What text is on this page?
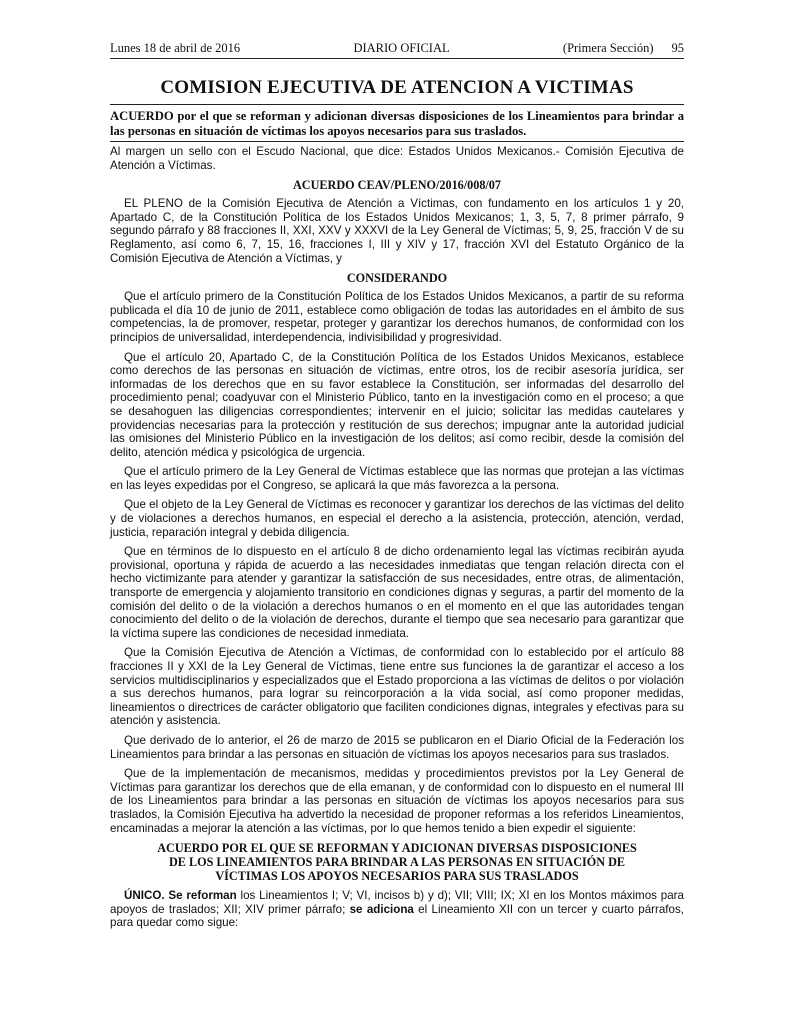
Lunes 18 de abril de 2016	DIARIO OFICIAL	(Primera Sección) 95
COMISION EJECUTIVA DE ATENCION A VICTIMAS
ACUERDO por el que se reforman y adicionan diversas disposiciones de los Lineamientos para brindar a las personas en situación de víctimas los apoyos necesarios para sus traslados.

Al margen un sello con el Escudo Nacional, que dice: Estados Unidos Mexicanos.- Comisión Ejecutiva de Atención a Víctimas.

ACUERDO CEAV/PLENO/2016/008/07

EL PLENO de la Comisión Ejecutiva de Atención a Víctimas, con fundamento en los artículos 1 y 20, Apartado C, de la Constitución Política de los Estados Unidos Mexicanos; 1, 3, 5, 7, 8 primer párrafo, 9 segundo párrafo y 88 fracciones II, XXI, XXV y XXXVI de la Ley General de Víctimas; 5, 9, 25, fracción V de su Reglamento, así como 6, 7, 15, 16, fracciones I, III y XIV y 17, fracción XVI del Estatuto Orgánico de la Comisión Ejecutiva de Atención a Víctimas, y

CONSIDERANDO

Que el artículo primero de la Constitución Política de los Estados Unidos Mexicanos, a partir de su reforma publicada el día 10 de junio de 2011, establece como obligación de todas las autoridades en el ámbito de sus competencias, la de promover, respetar, proteger y garantizar los derechos humanos, de conformidad con los principios de universalidad, interdependencia, indivisibilidad y progresividad.

Que el artículo 20, Apartado C, de la Constitución Política de los Estados Unidos Mexicanos, establece como derechos de las personas en situación de víctimas, entre otros, los de recibir asesoría jurídica, ser informadas de los derechos que en su favor establece la Constitución, ser informadas del desarrollo del procedimiento penal; coadyuvar con el Ministerio Público, tanto en la investigación como en el proceso; a que se desahoguen las diligencias correspondientes; intervenir en el juicio; solicitar las medidas cautelares y providencias necesarias para la protección y restitución de sus derechos; impugnar ante la autoridad judicial las omisiones del Ministerio Público en la investigación de los delitos; así como recibir, desde la comisión del delito, atención médica y psicológica de urgencia.

Que el artículo primero de la Ley General de Víctimas establece que las normas que protejan a las víctimas en las leyes expedidas por el Congreso, se aplicará la que más favorezca a la persona.

Que el objeto de la Ley General de Víctimas es reconocer y garantizar los derechos de las víctimas del delito y de violaciones a derechos humanos, en especial el derecho a la asistencia, protección, atención, verdad, justicia, reparación integral y debida diligencia.

Que en términos de lo dispuesto en el artículo 8 de dicho ordenamiento legal las víctimas recibirán ayuda provisional, oportuna y rápida de acuerdo a las necesidades inmediatas que tengan relación directa con el hecho victimizante para atender y garantizar la satisfacción de sus necesidades, entre otras, de alimentación, transporte de emergencia y alojamiento transitorio en condiciones dignas y seguras, a partir del momento de la comisión del delito o de la violación a derechos humanos o en el momento en el que las autoridades tengan conocimiento del delito o de la violación de derechos, durante el tiempo que sea necesario para garantizar que la víctima supere las condiciones de necesidad inmediata.

Que la Comisión Ejecutiva de Atención a Víctimas, de conformidad con lo establecido por el artículo 88 fracciones II y XXI de la Ley General de Víctimas, tiene entre sus funciones la de garantizar el acceso a los servicios multidisciplinarios y especializados que el Estado proporciona a las víctimas de delitos o por violación a sus derechos humanos, para lograr su reincorporación a la vida social, así como proponer medidas, lineamientos o directrices de carácter obligatorio que faciliten condiciones dignas, integrales y efectivas para su atención y asistencia.

Que derivado de lo anterior, el 26 de marzo de 2015 se publicaron en el Diario Oficial de la Federación los Lineamientos para brindar a las personas en situación de víctimas los apoyos necesarios para sus traslados.

Que de la implementación de mecanismos, medidas y procedimientos previstos por la Ley General de Víctimas para garantizar los derechos que de ella emanan, y de conformidad con lo dispuesto en el numeral III de los Lineamientos para brindar a las personas en situación de víctimas los apoyos necesarios para sus traslados, la Comisión Ejecutiva ha advertido la necesidad de proponer reformas a los referidos Lineamientos, encaminadas a mejorar la atención a las víctimas, por lo que hemos tenido a bien expedir el siguiente:

ACUERDO POR EL QUE SE REFORMAN Y ADICIONAN DIVERSAS DISPOSICIONES
DE LOS LINEAMIENTOS PARA BRINDAR A LAS PERSONAS EN SITUACIÓN DE
VÍCTIMAS LOS APOYOS NECESARIOS PARA SUS TRASLADOS

ÚNICO. Se reforman los Lineamientos I; V; VI, incisos b) y d); VII; VIII; IX; XI en los Montos máximos para apoyos de traslados; XII; XIV primer párrafo; se adiciona el Lineamiento XII con un tercer y cuarto párrafos, para quedar como sigue:
